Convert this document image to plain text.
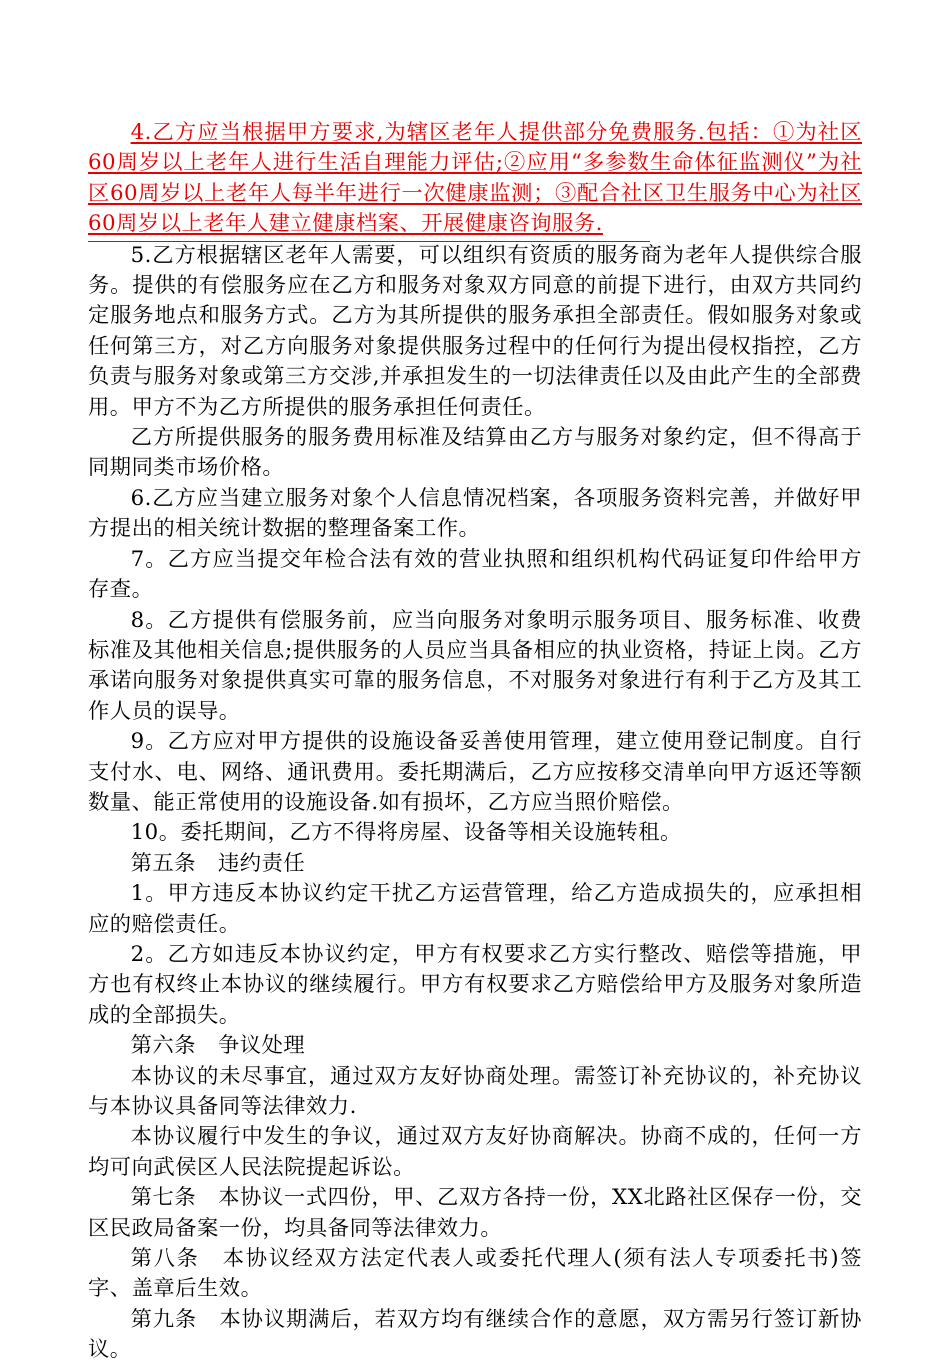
4.乙方应当根据甲方要求,为辖区老年人提供部分免费服务.包括：①为社区60周岁以上老年人进行生活自理能力评估;②应用“多参数生命体征监测仪”为社区60周岁以上老年人每半年进行一次健康监测；③配合社区卫生服务中心为社区60周岁以上老年人建立健康档案、开展健康咨询服务.

5.乙方根据辖区老年人需要，可以组织有资质的服务商为老年人提供综合服务。提供的有偿服务应在乙方和服务对象双方同意的前提下进行，由双方共同约定服务地点和服务方式。乙方为其所提供的服务承担全部责任。假如服务对象或任何第三方，对乙方向服务对象提供服务过程中的任何行为提出侵权指控，乙方负责与服务对象或第三方交涉,并承担发生的一切法律责任以及由此产生的全部费用。甲方不为乙方所提供的服务承担任何责任。

乙方所提供服务的服务费用标准及结算由乙方与服务对象约定，但不得高于同期同类市场价格。

6.乙方应当建立服务对象个人信息情况档案，各项服务资料完善，并做好甲方提出的相关统计数据的整理备案工作。

7。乙方应当提交年检合法有效的营业执照和组织机构代码证复印件给甲方存查。

8。乙方提供有偿服务前，应当向服务对象明示服务项目、服务标准、收费标准及其他相关信息;提供服务的人员应当具备相应的执业资格，持证上岗。乙方承诺向服务对象提供真实可靠的服务信息，不对服务对象进行有利于乙方及其工作人员的误导。

9。乙方应对甲方提供的设施设备妥善使用管理，建立使用登记制度。自行支付水、电、网络、通讯费用。委托期满后，乙方应按移交清单向甲方返还等额数量、能正常使用的设施设备.如有损坏，乙方应当照价赔偿。

10。委托期间，乙方不得将房屋、设备等相关设施转租。

第五条 违约责任

1。甲方违反本协议约定干扰乙方运营管理，给乙方造成损失的，应承担相应的赔偿责任。

2。乙方如违反本协议约定，甲方有权要求乙方实行整改、赔偿等措施，甲方也有权终止本协议的继续履行。甲方有权要求乙方赔偿给甲方及服务对象所造成的全部损失。

第六条 争议处理

本协议的未尽事宜，通过双方友好协商处理。需签订补充协议的，补充协议与本协议具备同等法律效力.

本协议履行中发生的争议，通过双方友好协商解决。协商不成的，任何一方均可向武侯区人民法院提起诉讼。

第七条 本协议一式四份，甲、乙双方各持一份，XX北路社区保存一份，交区民政局备案一份，均具备同等法律效力。

第八条 本协议经双方法定代表人或委托代理人(须有法人专项委托书)签字、盖章后生效。

第九条 本协议期满后，若双方均有继续合作的意愿，双方需另行签订新协议。
